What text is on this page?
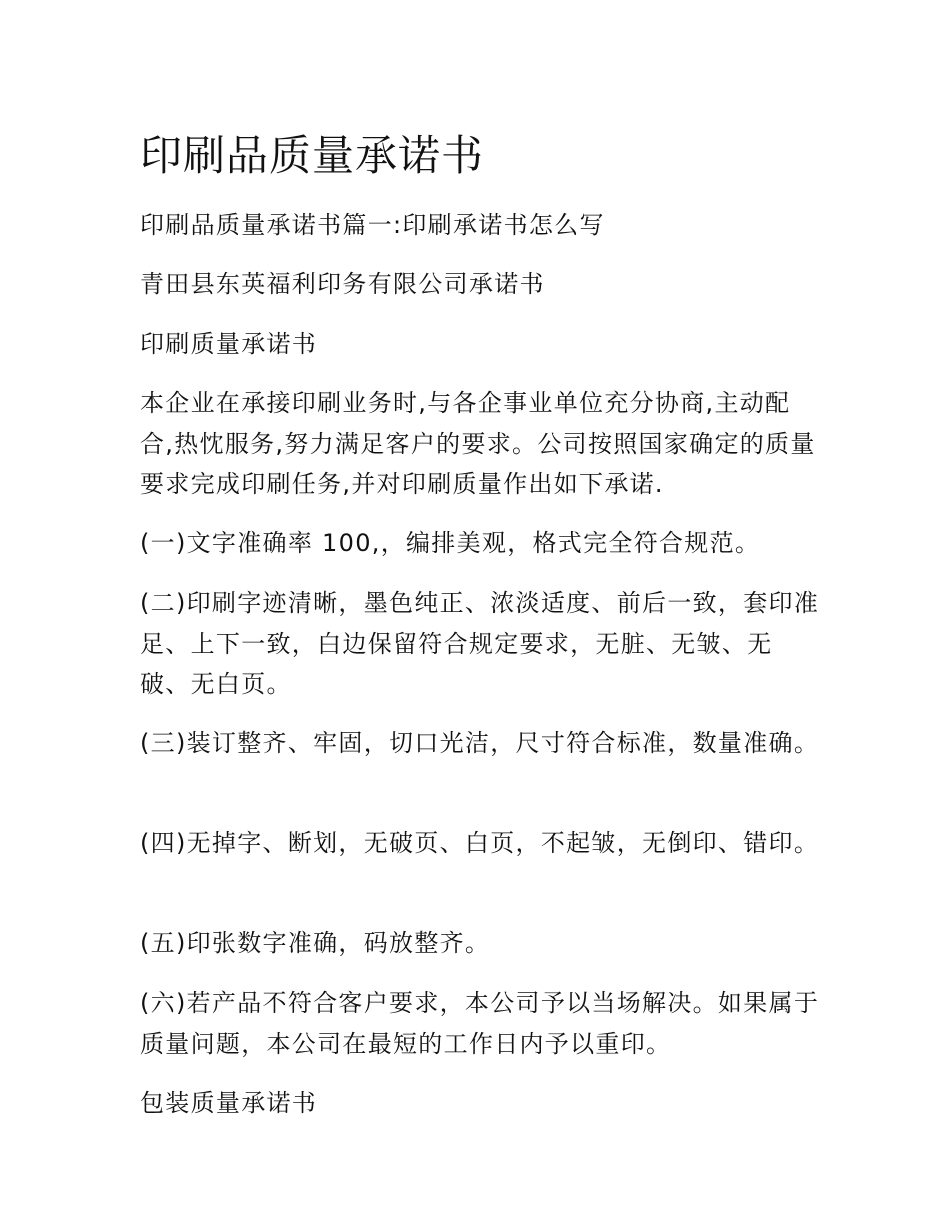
印刷品质量承诺书

印刷品质量承诺书篇一:印刷承诺书怎么写

青田县东英福利印务有限公司承诺书

印刷质量承诺书

本企业在承接印刷业务时,与各企事业单位充分协商,主动配合,热忱服务,努力满足客户的要求。公司按照国家确定的质量要求完成印刷任务,并对印刷质量作出如下承诺.

(一)文字准确率 100,，编排美观，格式完全符合规范。

(二)印刷字迹清晰，墨色纯正、浓淡适度、前后一致，套印准足、上下一致，白边保留符合规定要求，无脏、无皱、无破、无白页。

(三)装订整齐、牢固，切口光洁，尺寸符合标准，数量准确。

(四)无掉字、断划，无破页、白页，不起皱，无倒印、错印。

(五)印张数字准确，码放整齐。

(六)若产品不符合客户要求，本公司予以当场解决。如果属于质量问题，本公司在最短的工作日内予以重印。

包装质量承诺书
